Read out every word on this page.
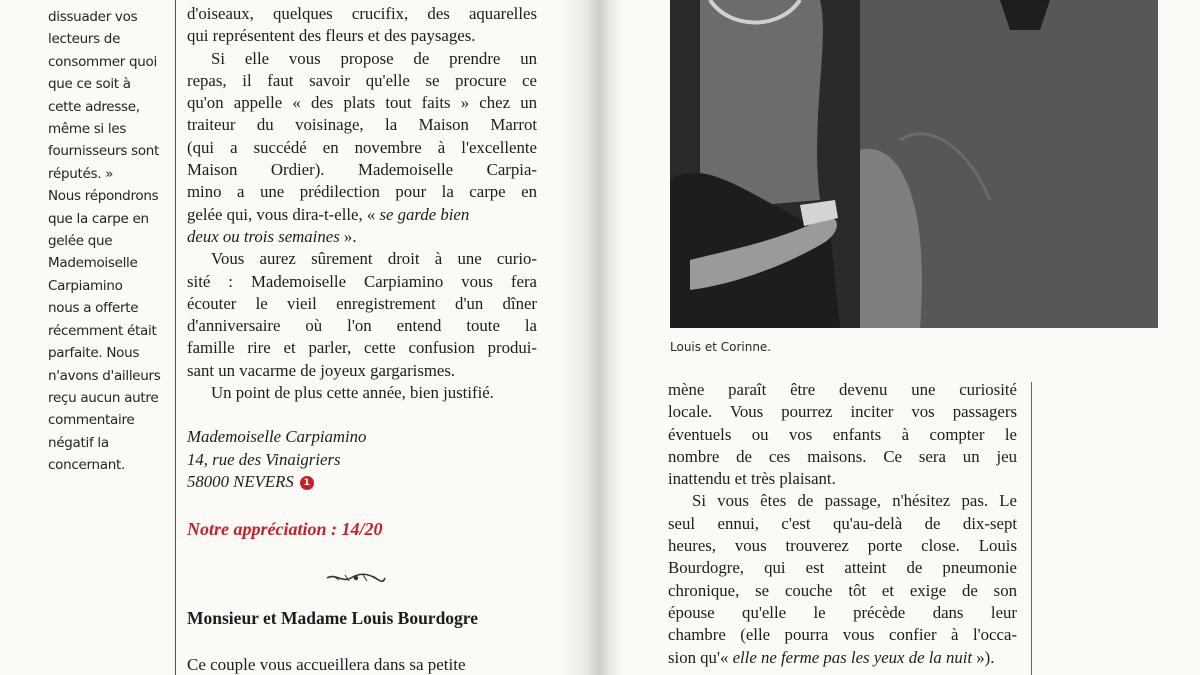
dissuader vos
lecteurs de
consommer quoi
que ce soit à
cette adresse,
même si les
fournisseurs sont
réputés. »
Nous répondrons
que la carpe en
gelée que
Mademoiselle
Carpiamino
nous a offerte
récemment était
parfaite. Nous
n'avons d'ailleurs
reçu aucun autre
commentaire
négatif la
concernant.
d'oiseaux, quelques crucifix, des aquarelles
qui représentent des fleurs et des paysages.
Si elle vous propose de prendre un
repas, il faut savoir qu'elle se procure ce
qu'on appelle « des plats tout faits » chez un
traiteur du voisinage, la Maison Marrot
(qui a succédé en novembre à l'excellente
Maison Ordier). Mademoiselle Carpia-
mino a une prédilection pour la carpe en
gelée qui, vous dira-t-elle, « se garde bien
deux ou trois semaines ».
Vous aurez sûrement droit à une curio-
sité : Mademoiselle Carpiamino vous fera
écouter le vieil enregistrement d'un dîner
d'anniversaire où l'on entend toute la
famille rire et parler, cette confusion produi-
sant un vacarme de joyeux gargarismes.
Un point de plus cette année, bien justifié.
Mademoiselle Carpiamino
14, rue des Vinaigriers
58000 NEVERS 1
Notre appréciation : 14/20
Monsieur et Madame Louis Bourdogre
Ce couple vous accueillera dans sa petite
Louis et Corinne.
mène paraît être devenu une curiosité
locale. Vous pourrez inciter vos passagers
éventuels ou vos enfants à compter le
nombre de ces maisons. Ce sera un jeu
inattendu et très plaisant.
Si vous êtes de passage, n'hésitez pas. Le
seul ennui, c'est qu'au-delà de dix-sept
heures, vous trouverez porte close. Louis
Bourdogre, qui est atteint de pneumonie
chronique, se couche tôt et exige de son
épouse qu'elle le précède dans leur
chambre (elle pourra vous confier à l'occa-
sion qu'« elle ne ferme pas les yeux de la nuit »).
